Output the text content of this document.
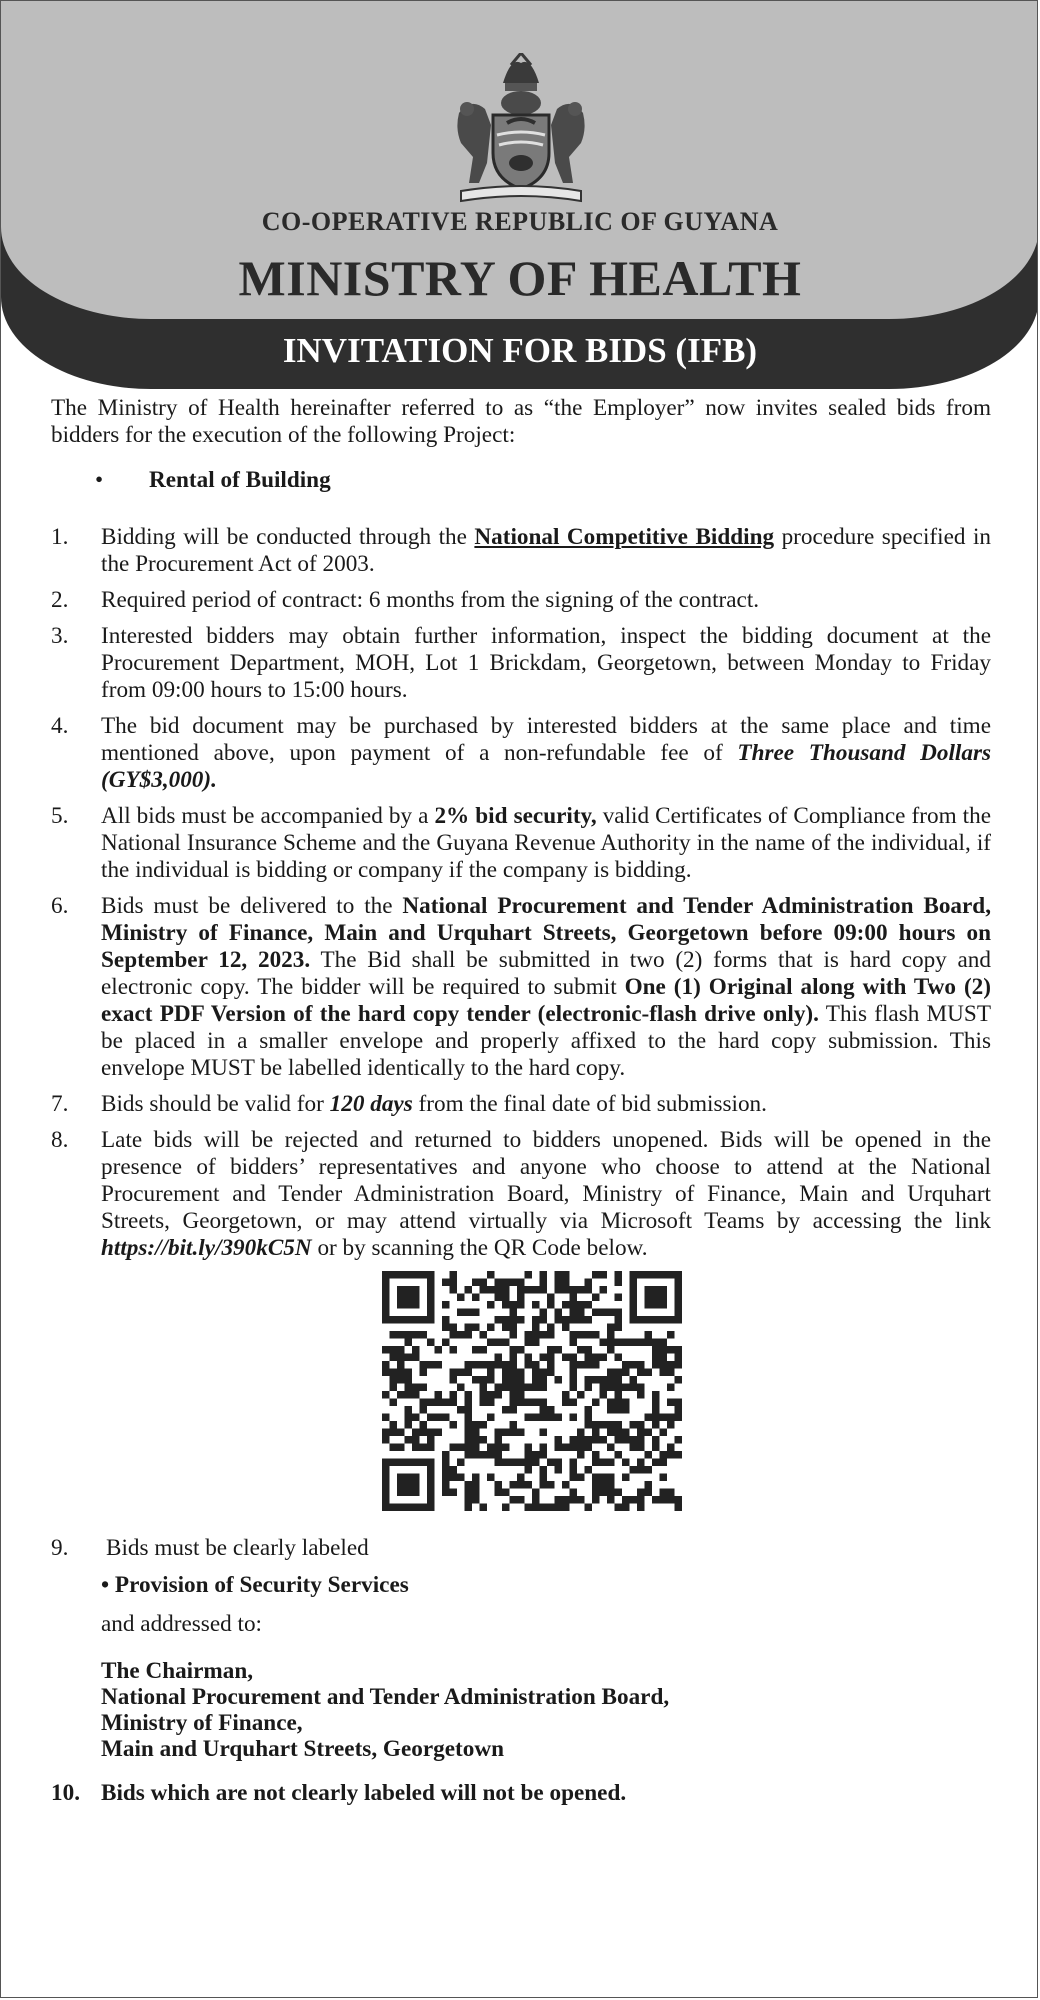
CO-OPERATIVE REPUBLIC OF GUYANA
MINISTRY OF HEALTH
INVITATION FOR BIDS (IFB)

The Ministry of Health hereinafter referred to as “the Employer” now invites sealed bids from bidders for the execution of the following Project:

• Rental of Building
1. Bidding will be conducted through the National Competitive Bidding procedure specified in the Procurement Act of 2003.
2. Required period of contract: 6 months from the signing of the contract.
3. Interested bidders may obtain further information, inspect the bidding document at the Procurement Department, MOH, Lot 1 Brickdam, Georgetown, between Monday to Friday from 09:00 hours to 15:00 hours.
4. The bid document may be purchased by interested bidders at the same place and time mentioned above, upon payment of a non-refundable fee of Three Thousand Dollars (GY$3,000).
5. All bids must be accompanied by a 2% bid security, valid Certificates of Compliance from the National Insurance Scheme and the Guyana Revenue Authority in the name of the individual, if the individual is bidding or company if the company is bidding.
6. Bids must be delivered to the National Procurement and Tender Administration Board, Ministry of Finance, Main and Urquhart Streets, Georgetown before 09:00 hours on September 12, 2023. The Bid shall be submitted in two (2) forms that is hard copy and electronic copy. The bidder will be required to submit One (1) Original along with Two (2) exact PDF Version of the hard copy tender (electronic-flash drive only). This flash MUST be placed in a smaller envelope and properly affixed to the hard copy submission. This envelope MUST be labelled identically to the hard copy.
7. Bids should be valid for 120 days from the final date of bid submission.
8. Late bids will be rejected and returned to bidders unopened. Bids will be opened in the presence of bidders’ representatives and anyone who choose to attend at the National Procurement and Tender Administration Board, Ministry of Finance, Main and Urquhart Streets, Georgetown, or may attend virtually via Microsoft Teams by accessing the link https://bit.ly/390kC5N or by scanning the QR Code below.
9. Bids must be clearly labeled
• Provision of Security Services
and addressed to:
The Chairman,
National Procurement and Tender Administration Board,
Ministry of Finance,
Main and Urquhart Streets, Georgetown
10. Bids which are not clearly labeled will not be opened.
